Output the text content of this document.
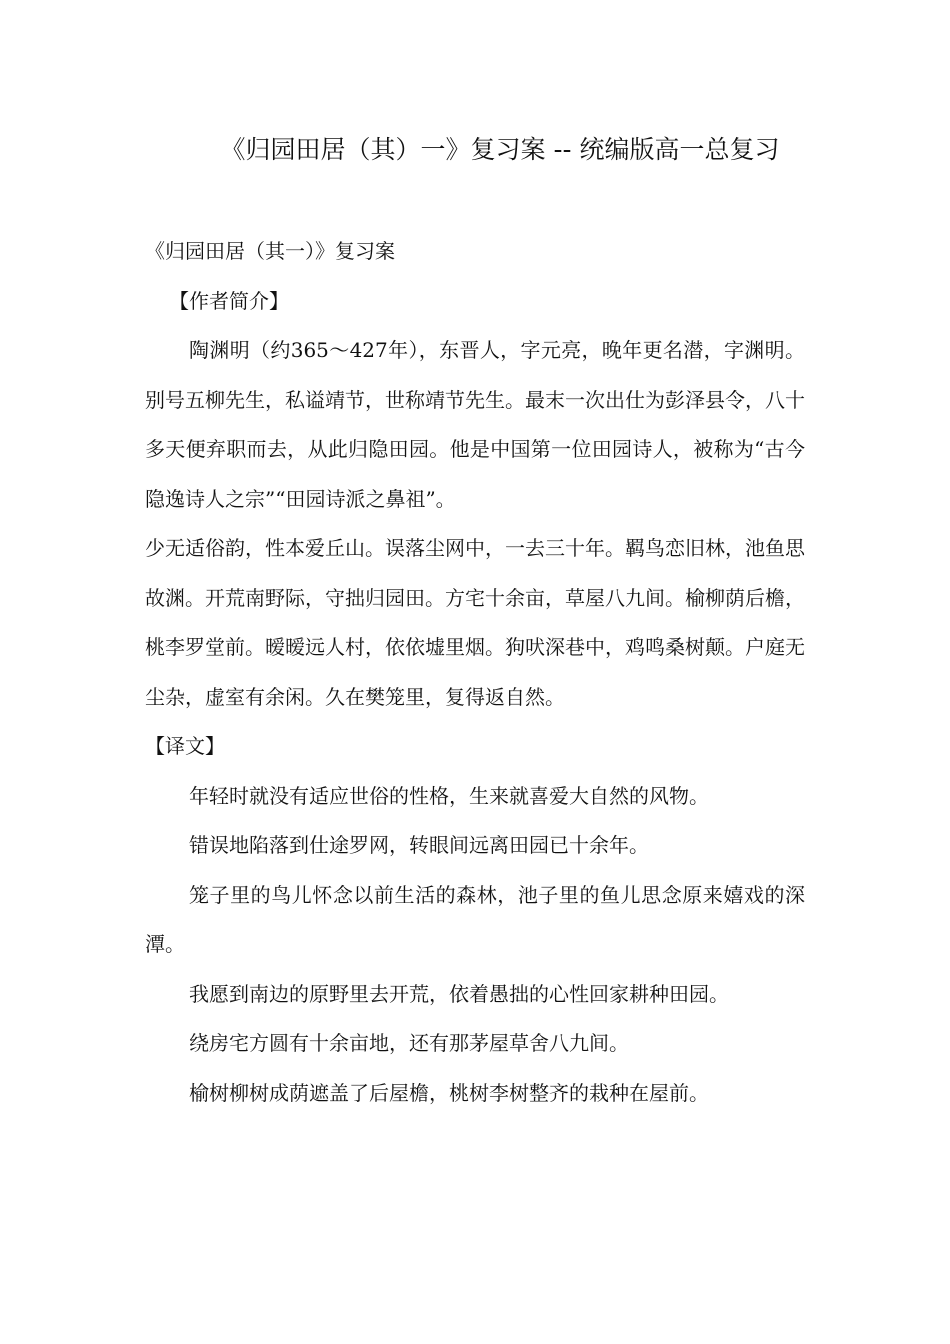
《归园田居（其）一》复习案 -- 统编版高一总复习

《归园田居（其一）》复习案

【作者简介】

陶渊明（约365～427年），东晋人，字元亮，晚年更名潜，字渊明。别号五柳先生，私谥靖节，世称靖节先生。最末一次出仕为彭泽县令，八十多天便弃职而去，从此归隐田园。他是中国第一位田园诗人，被称为“古今隐逸诗人之宗”“田园诗派之鼻祖”。

少无适俗韵，性本爱丘山。误落尘网中，一去三十年。羁鸟恋旧林，池鱼思故渊。开荒南野际，守拙归园田。方宅十余亩，草屋八九间。榆柳荫后檐，桃李罗堂前。暧暧远人村，依依墟里烟。狗吠深巷中，鸡鸣桑树颠。户庭无尘杂，虚室有余闲。久在樊笼里，复得返自然。

【译文】

年轻时就没有适应世俗的性格，生来就喜爱大自然的风物。

错误地陷落到仕途罗网，转眼间远离田园已十余年。

笼子里的鸟儿怀念以前生活的森林，池子里的鱼儿思念原来嬉戏的深潭。

我愿到南边的原野里去开荒，依着愚拙的心性回家耕种田园。

绕房宅方圆有十余亩地，还有那茅屋草舍八九间。

榆树柳树成荫遮盖了后屋檐，桃树李树整齐的栽种在屋前。
